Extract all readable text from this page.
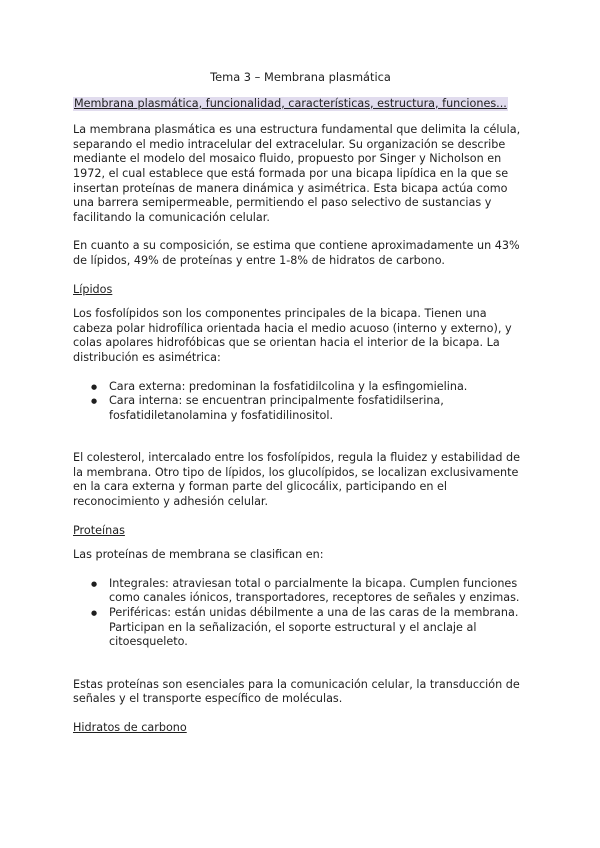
Tema 3 – Membrana plasmática
Membrana plasmática, funcionalidad, características, estructura, funciones...

La membrana plasmática es una estructura fundamental que delimita la célula, separando el medio intracelular del extracelular. Su organización se describe mediante el modelo del mosaico fluido, propuesto por Singer y Nicholson en 1972, el cual establece que está formada por una bicapa lipídica en la que se insertan proteínas de manera dinámica y asimétrica. Esta bicapa actúa como una barrera semipermeable, permitiendo el paso selectivo de sustancias y facilitando la comunicación celular.

En cuanto a su composición, se estima que contiene aproximadamente un 43% de lípidos, 49% de proteínas y entre 1-8% de hidratos de carbono.

Lípidos

Los fosfolípidos son los componentes principales de la bicapa. Tienen una cabeza polar hidrofílica orientada hacia el medio acuoso (interno y externo), y colas apolares hidrofóbicas que se orientan hacia el interior de la bicapa. La distribución es asimétrica:

● Cara externa: predominan la fosfatidilcolina y la esfingomielina.
● Cara interna: se encuentran principalmente fosfatidilserina, fosfatidiletanolamina y fosfatidilinositol.

El colesterol, intercalado entre los fosfolípidos, regula la fluidez y estabilidad de la membrana. Otro tipo de lípidos, los glucolípidos, se localizan exclusivamente en la cara externa y forman parte del glicocálix, participando en el reconocimiento y adhesión celular.

Proteínas

Las proteínas de membrana se clasifican en:

● Integrales: atraviesan total o parcialmente la bicapa. Cumplen funciones como canales iónicos, transportadores, receptores de señales y enzimas.
● Periféricas: están unidas débilmente a una de las caras de la membrana. Participan en la señalización, el soporte estructural y el anclaje al citoesqueleto.

Estas proteínas son esenciales para la comunicación celular, la transducción de señales y el transporte específico de moléculas.

Hidratos de carbono
